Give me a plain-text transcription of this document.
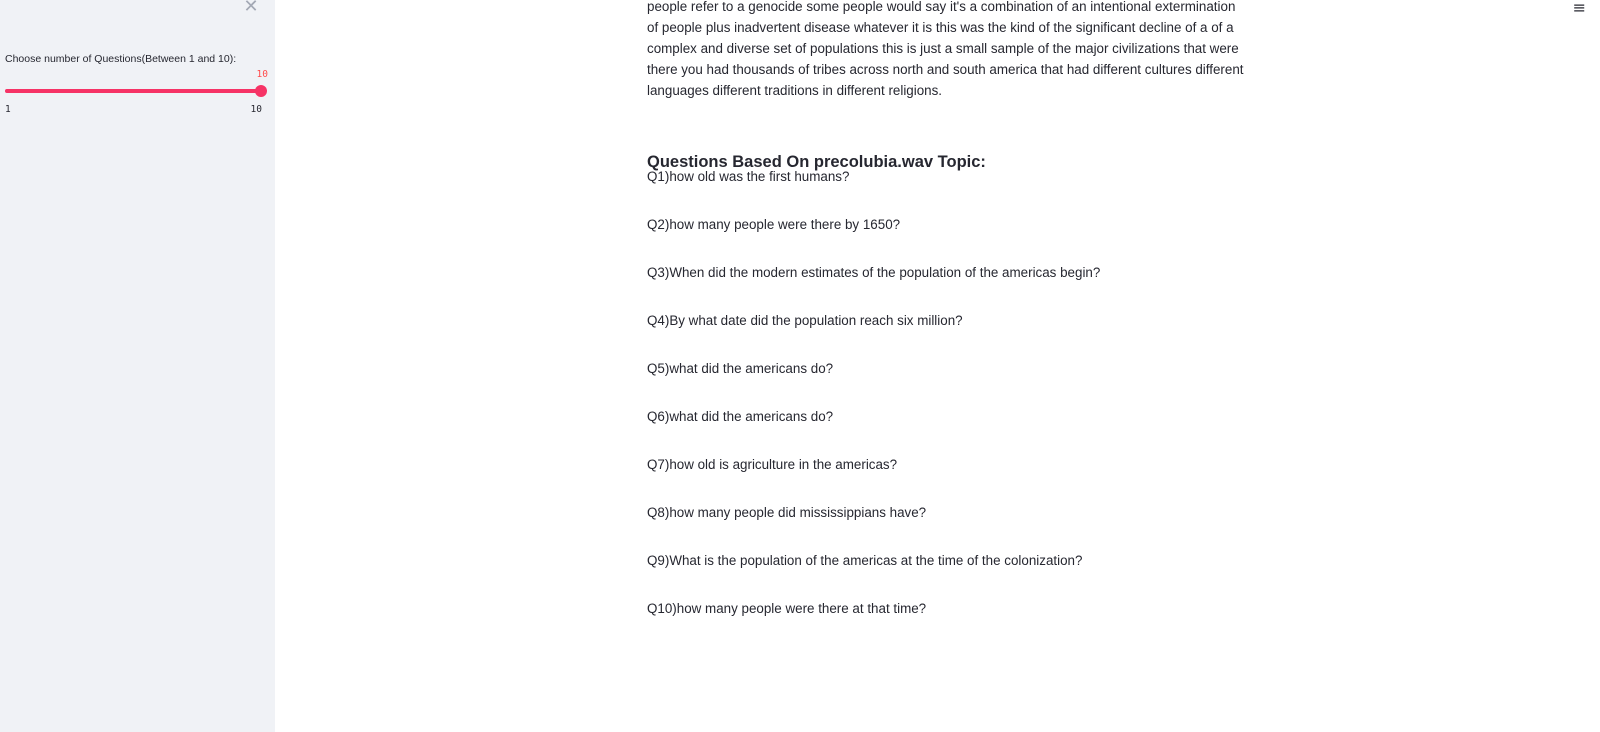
✕
Choose number of Questions(Between 1 and 10):
10
1	10
≡

people refer to a genocide some people would say it's a combination of an intentional extermination of people plus inadvertent disease whatever it is this was the kind of the significant decline of a of a complex and diverse set of populations this is just a small sample of the major civilizations that were there you had thousands of tribes across north and south america that had different cultures different languages different traditions in different religions.

Questions Based On precolubia.wav Topic:
Q1)how old was the first humans?
Q2)how many people were there by 1650?
Q3)When did the modern estimates of the population of the americas begin?
Q4)By what date did the population reach six million?
Q5)what did the americans do?
Q6)what did the americans do?
Q7)how old is agriculture in the americas?
Q8)how many people did mississippians have?
Q9)What is the population of the americas at the time of the colonization?
Q10)how many people were there at that time?
